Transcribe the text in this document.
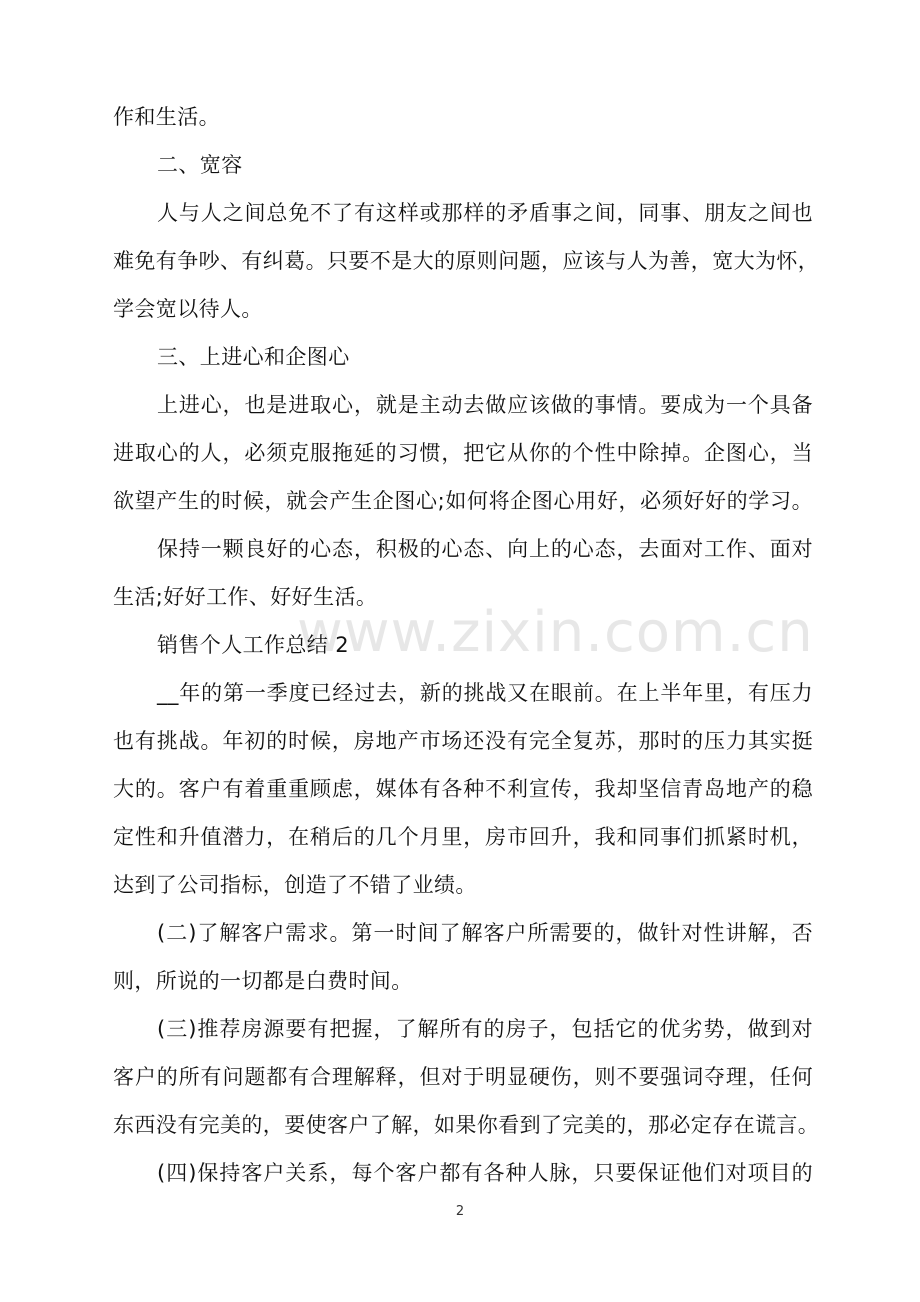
www.zixin.com.cn
作和生活。
二、宽容
人与人之间总免不了有这样或那样的矛盾事之间，同事、朋友之间也
难免有争吵、有纠葛。只要不是大的原则问题，应该与人为善，宽大为怀，
学会宽以待人。
三、上进心和企图心
上进心，也是进取心，就是主动去做应该做的事情。要成为一个具备
进取心的人，必须克服拖延的习惯，把它从你的个性中除掉。企图心，当
欲望产生的时候，就会产生企图心;如何将企图心用好，必须好好的学习。
保持一颗良好的心态，积极的心态、向上的心态，去面对工作、面对
生活;好好工作、好好生活。
销售个人工作总结 2
__年的第一季度已经过去，新的挑战又在眼前。在上半年里，有压力
也有挑战。年初的时候，房地产市场还没有完全复苏，那时的压力其实挺
大的。客户有着重重顾虑，媒体有各种不利宣传，我却坚信青岛地产的稳
定性和升值潜力，在稍后的几个月里，房市回升，我和同事们抓紧时机，
达到了公司指标，创造了不错了业绩。
(二)了解客户需求。第一时间了解客户所需要的，做针对性讲解，否
则，所说的一切都是白费时间。
(三)推荐房源要有把握，了解所有的房子，包括它的优劣势，做到对
客户的所有问题都有合理解释，但对于明显硬伤，则不要强词夺理，任何
东西没有完美的，要使客户了解，如果你看到了完美的，那必定存在谎言。
(四)保持客户关系，每个客户都有各种人脉，只要保证他们对项目的
2
